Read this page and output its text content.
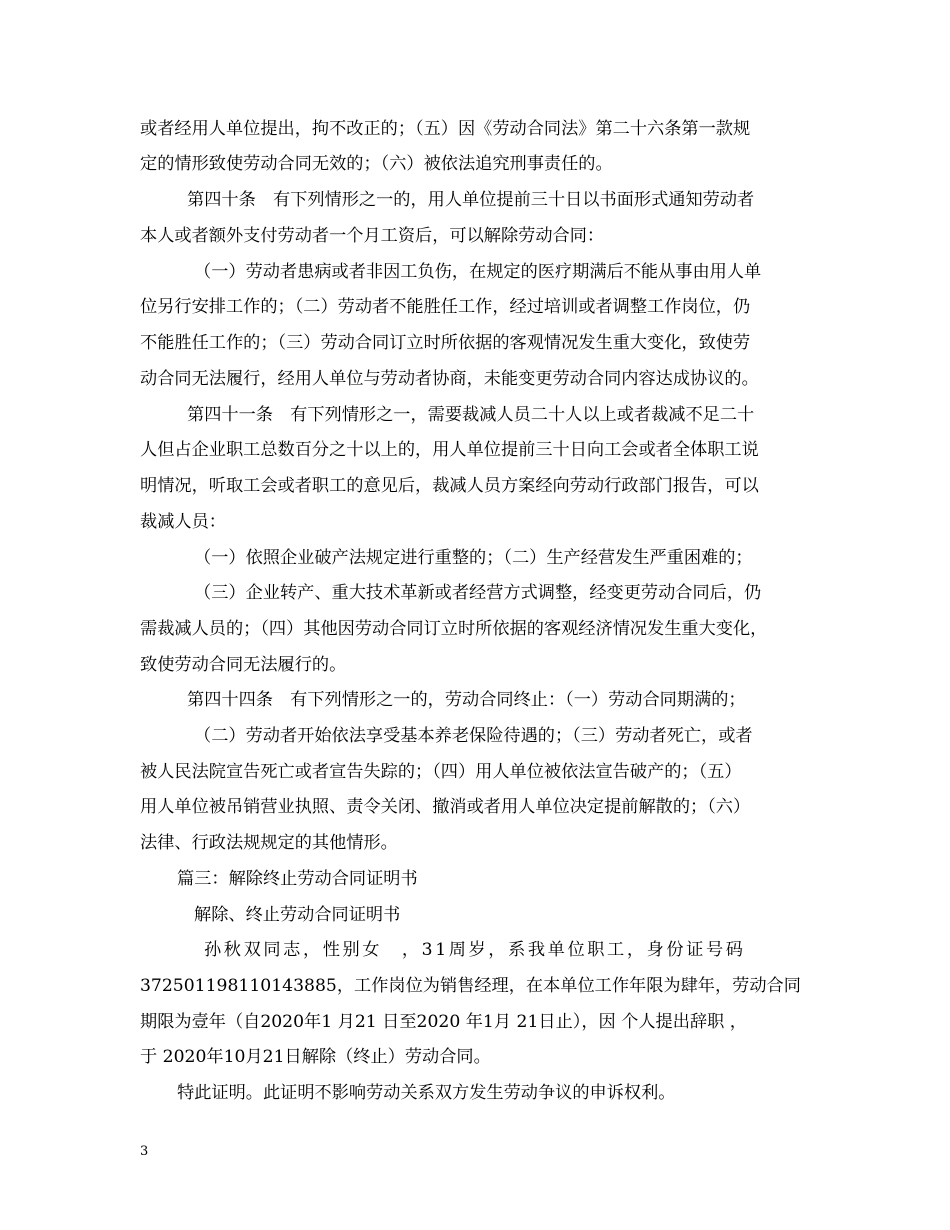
或者经用人单位提出，拘不改正的；（五）因《劳动合同法》第二十六条第一款规

定的情形致使劳动合同无效的；（六）被依法追究刑事责任的。

第四十条　有下列情形之一的，用人单位提前三十日以书面形式通知劳动者

本人或者额外支付劳动者一个月工资后，可以解除劳动合同：

（一）劳动者患病或者非因工负伤，在规定的医疗期满后不能从事由用人单

位另行安排工作的；（二）劳动者不能胜任工作，经过培训或者调整工作岗位，仍

不能胜任工作的；（三）劳动合同订立时所依据的客观情况发生重大变化，致使劳

动合同无法履行，经用人单位与劳动者协商，未能变更劳动合同内容达成协议的。

第四十一条　有下列情形之一，需要裁减人员二十人以上或者裁减不足二十

人但占企业职工总数百分之十以上的，用人单位提前三十日向工会或者全体职工说

明情况，听取工会或者职工的意见后，裁减人员方案经向劳动行政部门报告，可以

裁减人员：

（一）依照企业破产法规定进行重整的；（二）生产经营发生严重困难的；

（三）企业转产、重大技术革新或者经营方式调整，经变更劳动合同后，仍

需裁减人员的；（四）其他因劳动合同订立时所依据的客观经济情况发生重大变化，

致使劳动合同无法履行的。

第四十四条　有下列情形之一的，劳动合同终止：（一）劳动合同期满的；

（二）劳动者开始依法享受基本养老保险待遇的；（三）劳动者死亡，或者

被人民法院宣告死亡或者宣告失踪的；（四）用人单位被依法宣告破产的；（五）

用人单位被吊销营业执照、责令关闭、撤消或者用人单位决定提前解散的；（六）

法律、行政法规规定的其他情形。

篇三：解除终止劳动合同证明书

解除、终止劳动合同证明书

孙秋双同志，性别女　，31周岁，系我单位职工，身份证号码

37250119811014388​5，工作岗位为销售经理，在本单位工作年限为肆年，劳动合同

期限为壹年（自2020年1 月21 日至2020 年1月 21日止），因 个人提出辞职 ，

于 2020年10月21日解除（终止）劳动合同。

特此证明。此证明不影响劳动关系双方发生劳动争议的申诉权利。

3
